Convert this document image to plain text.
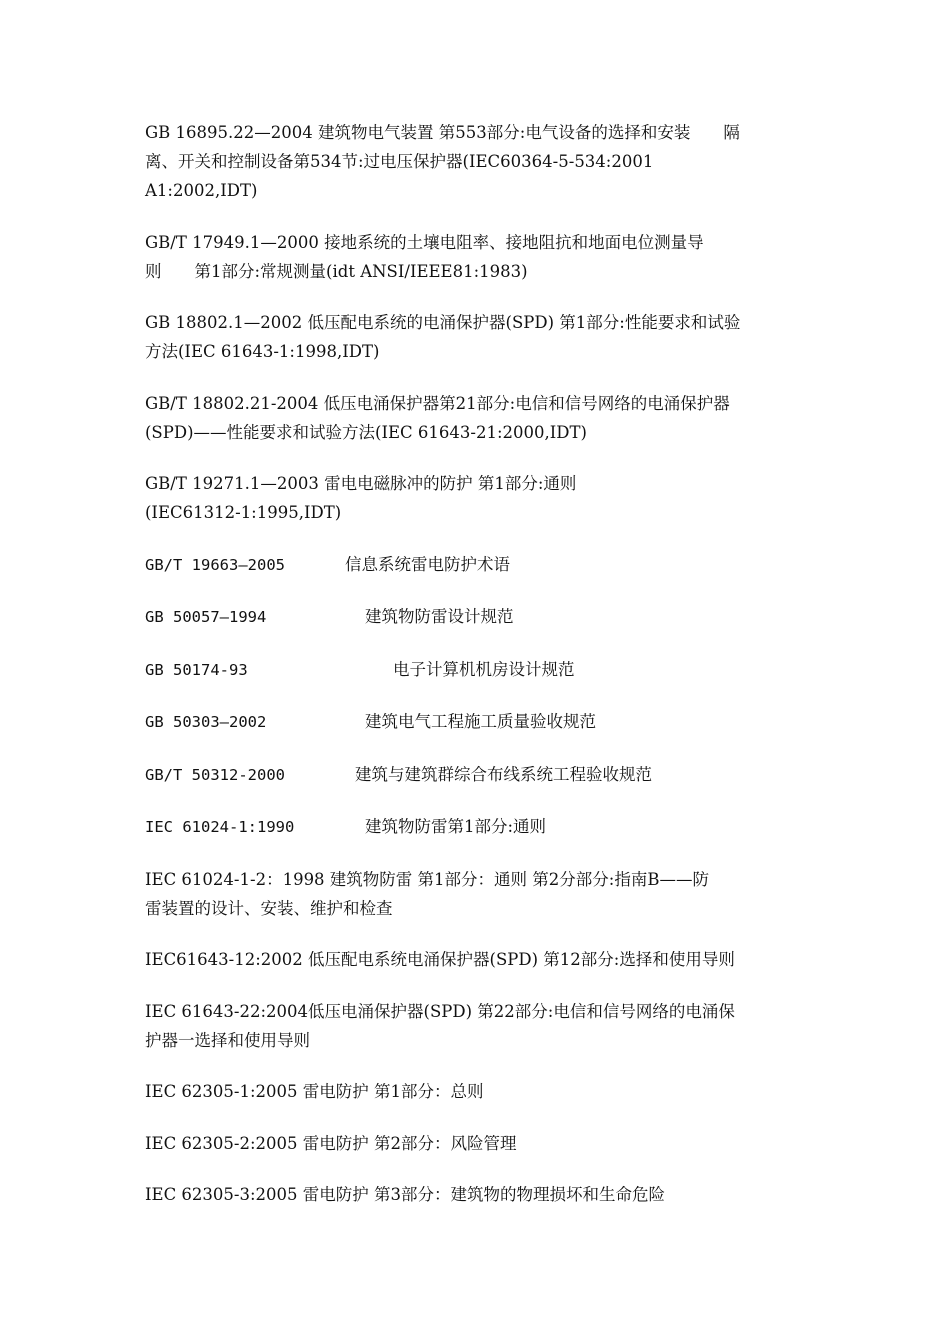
GB 16895.22—2004 建筑物电气装置 第553部分:电气设备的选择和安装　　隔
离、开关和控制设备第534节:过电压保护器(IEC60364-5-534:2001
A1:2002,IDT)

GB/T 17949.1—2000 接地系统的土壤电阻率、接地阻抗和地面电位测量导
则　　第1部分:常规测量(idt ANSI/IEEE81:1983)

GB 18802.1—2002 低压配电系统的电涌保护器(SPD) 第1部分:性能要求和试验
方法(IEC 61643-1:1998,IDT)

GB/T 18802.21-2004 低压电涌保护器第21部分:电信和信号网络的电涌保护器
(SPD)——性能要求和试验方法(IEC 61643-21:2000,IDT)

GB/T 19271.1—2003 雷电电磁脉冲的防护 第1部分:通则
(IEC61312-1:1995,IDT)

GB/T 19663—2005	信息系统雷电防护术语

GB 50057—1994	建筑物防雷设计规范

GB 50174-93	电子计算机机房设计规范

GB 50303—2002	建筑电气工程施工质量验收规范

GB/T 50312-2000	建筑与建筑群综合布线系统工程验收规范

IEC 61024-1:1990	建筑物防雷第1部分:通则

IEC 61024-1-2：1998 建筑物防雷 第1部分：通则 第2分部分:指南B——防
雷装置的设计、安装、维护和检查

IEC61643-12:2002 低压配电系统电涌保护器(SPD) 第12部分:选择和使用导则

IEC 61643-22:2004低压电涌保护器(SPD) 第22部分:电信和信号网络的电涌保
护器一选择和使用导则

IEC 62305-1:2005 雷电防护 第1部分：总则

IEC 62305-2:2005 雷电防护 第2部分：风险管理

IEC 62305-3:2005 雷电防护 第3部分：建筑物的物理损坏和生命危险
